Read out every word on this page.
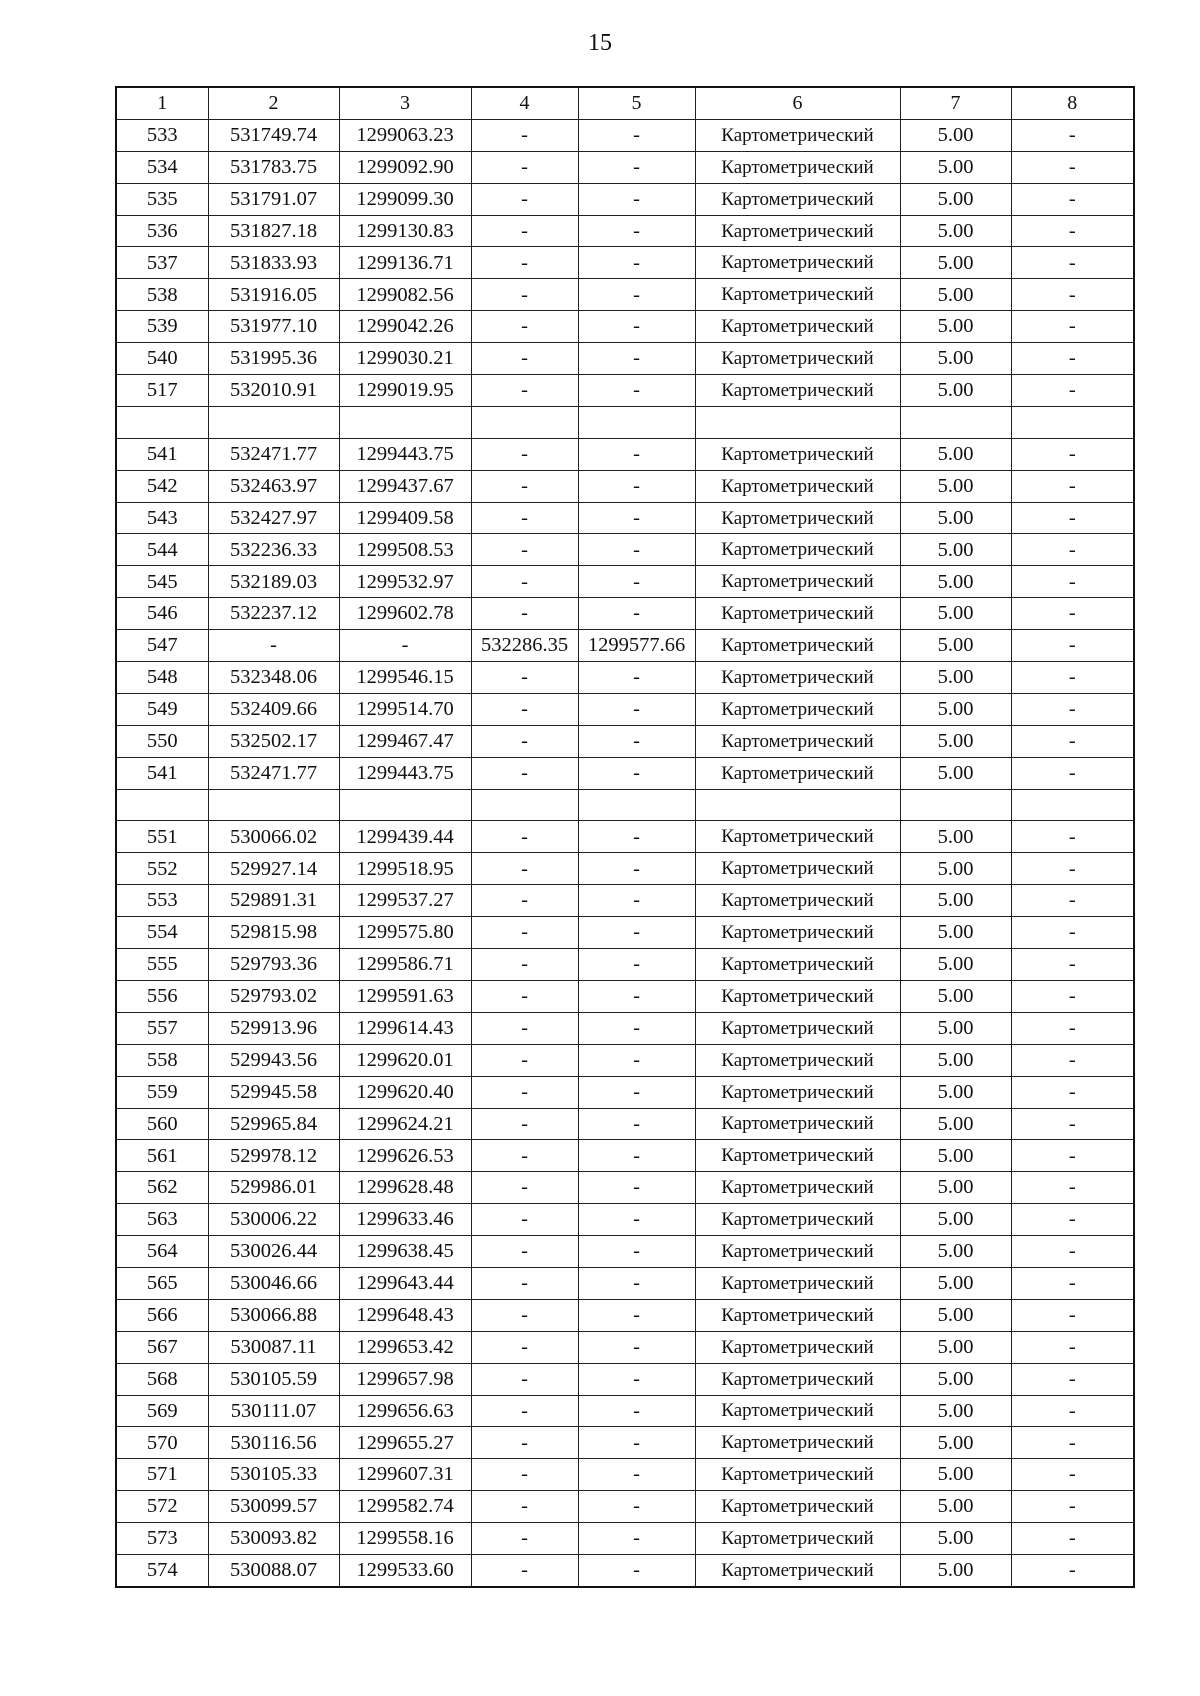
15
1	2	3	4	5	6	7	8
533	531749.74	1299063.23	-	-	Картометрический	5.00	-
534	531783.75	1299092.90	-	-	Картометрический	5.00	-
535	531791.07	1299099.30	-	-	Картометрический	5.00	-
536	531827.18	1299130.83	-	-	Картометрический	5.00	-
537	531833.93	1299136.71	-	-	Картометрический	5.00	-
538	531916.05	1299082.56	-	-	Картометрический	5.00	-
539	531977.10	1299042.26	-	-	Картометрический	5.00	-
540	531995.36	1299030.21	-	-	Картометрический	5.00	-
517	532010.91	1299019.95	-	-	Картометрический	5.00	-

541	532471.77	1299443.75	-	-	Картометрический	5.00	-
542	532463.97	1299437.67	-	-	Картометрический	5.00	-
543	532427.97	1299409.58	-	-	Картометрический	5.00	-
544	532236.33	1299508.53	-	-	Картометрический	5.00	-
545	532189.03	1299532.97	-	-	Картометрический	5.00	-
546	532237.12	1299602.78	-	-	Картометрический	5.00	-
547	-	-	532286.35	1299577.66	Картометрический	5.00	-
548	532348.06	1299546.15	-	-	Картометрический	5.00	-
549	532409.66	1299514.70	-	-	Картометрический	5.00	-
550	532502.17	1299467.47	-	-	Картометрический	5.00	-
541	532471.77	1299443.75	-	-	Картометрический	5.00	-

551	530066.02	1299439.44	-	-	Картометрический	5.00	-
552	529927.14	1299518.95	-	-	Картометрический	5.00	-
553	529891.31	1299537.27	-	-	Картометрический	5.00	-
554	529815.98	1299575.80	-	-	Картометрический	5.00	-
555	529793.36	1299586.71	-	-	Картометрический	5.00	-
556	529793.02	1299591.63	-	-	Картометрический	5.00	-
557	529913.96	1299614.43	-	-	Картометрический	5.00	-
558	529943.56	1299620.01	-	-	Картометрический	5.00	-
559	529945.58	1299620.40	-	-	Картометрический	5.00	-
560	529965.84	1299624.21	-	-	Картометрический	5.00	-
561	529978.12	1299626.53	-	-	Картометрический	5.00	-
562	529986.01	1299628.48	-	-	Картометрический	5.00	-
563	530006.22	1299633.46	-	-	Картометрический	5.00	-
564	530026.44	1299638.45	-	-	Картометрический	5.00	-
565	530046.66	1299643.44	-	-	Картометрический	5.00	-
566	530066.88	1299648.43	-	-	Картометрический	5.00	-
567	530087.11	1299653.42	-	-	Картометрический	5.00	-
568	530105.59	1299657.98	-	-	Картометрический	5.00	-
569	530111.07	1299656.63	-	-	Картометрический	5.00	-
570	530116.56	1299655.27	-	-	Картометрический	5.00	-
571	530105.33	1299607.31	-	-	Картометрический	5.00	-
572	530099.57	1299582.74	-	-	Картометрический	5.00	-
573	530093.82	1299558.16	-	-	Картометрический	5.00	-
574	530088.07	1299533.60	-	-	Картометрический	5.00	-
